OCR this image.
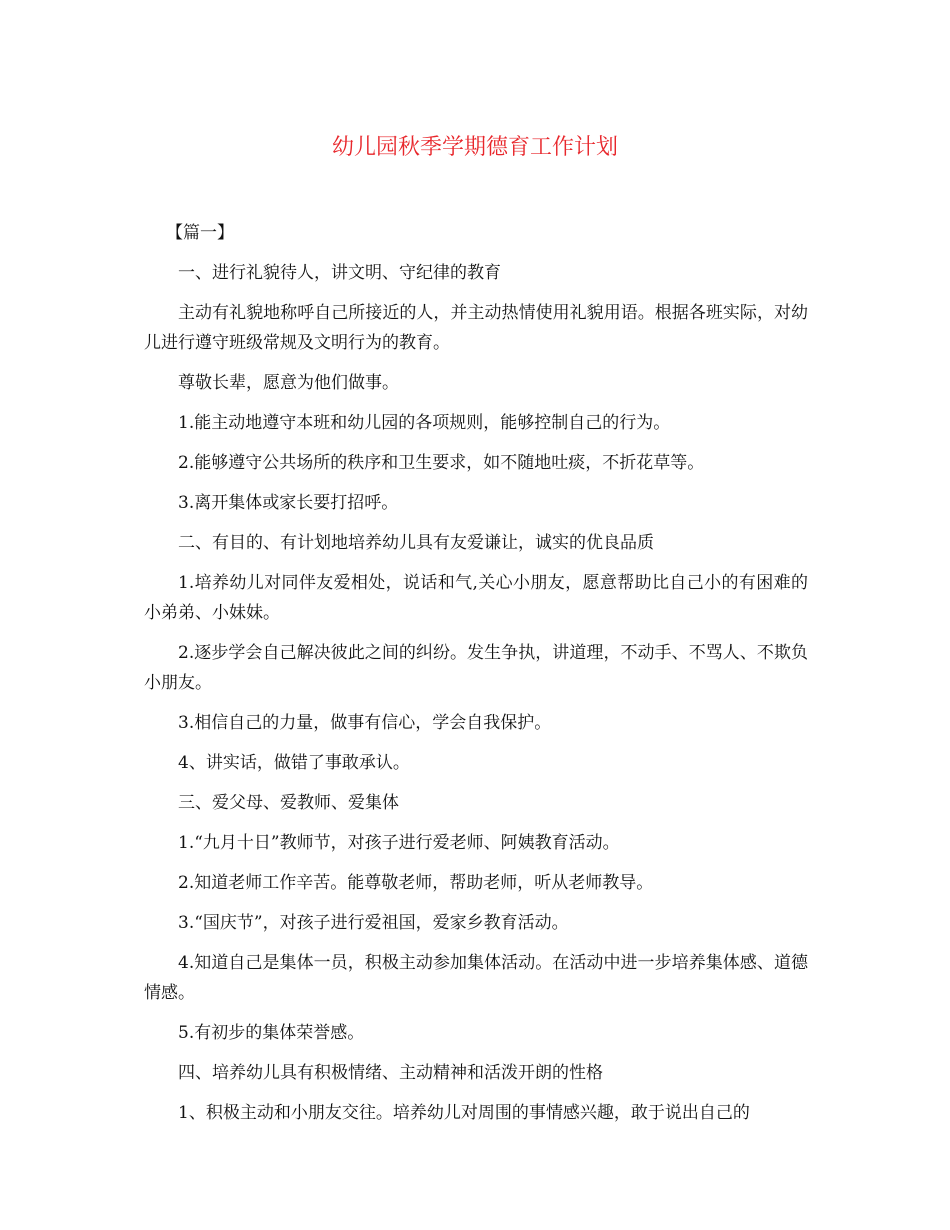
幼儿园秋季学期德育工作计划

【篇一】

一、进行礼貌待人，讲文明、守纪律的教育

主动有礼貌地称呼自己所接近的人，并主动热情使用礼貌用语。根据各班实际，对幼儿进行遵守班级常规及文明行为的教育。

尊敬长辈，愿意为他们做事。

1.能主动地遵守本班和幼儿园的各项规则，能够控制自己的行为。

2.能够遵守公共场所的秩序和卫生要求，如不随地吐痰，不折花草等。

3.离开集体或家长要打招呼。

二、有目的、有计划地培养幼儿具有友爱谦让，诚实的优良品质

1.培养幼儿对同伴友爱相处，说话和气,关心小朋友，愿意帮助比自己小的有困难的小弟弟、小妹妹。

2.逐步学会自己解决彼此之间的纠纷。发生争执，讲道理，不动手、不骂人、不欺负小朋友。

3.相信自己的力量，做事有信心，学会自我保护。

4、讲实话，做错了事敢承认。

三、爱父母、爱教师、爱集体

1.“九月十日”教师节，对孩子进行爱老师、阿姨教育活动。

2.知道老师工作辛苦。能尊敬老师，帮助老师，听从老师教导。

3.“国庆节”，对孩子进行爱祖国，爱家乡教育活动。

4.知道自己是集体一员，积极主动参加集体活动。在活动中进一步培养集体感、道德情感。

5.有初步的集体荣誉感。

四、培养幼儿具有积极情绪、主动精神和活泼开朗的性格

1、积极主动和小朋友交往。培养幼儿对周围的事情感兴趣，敢于说出自己的
